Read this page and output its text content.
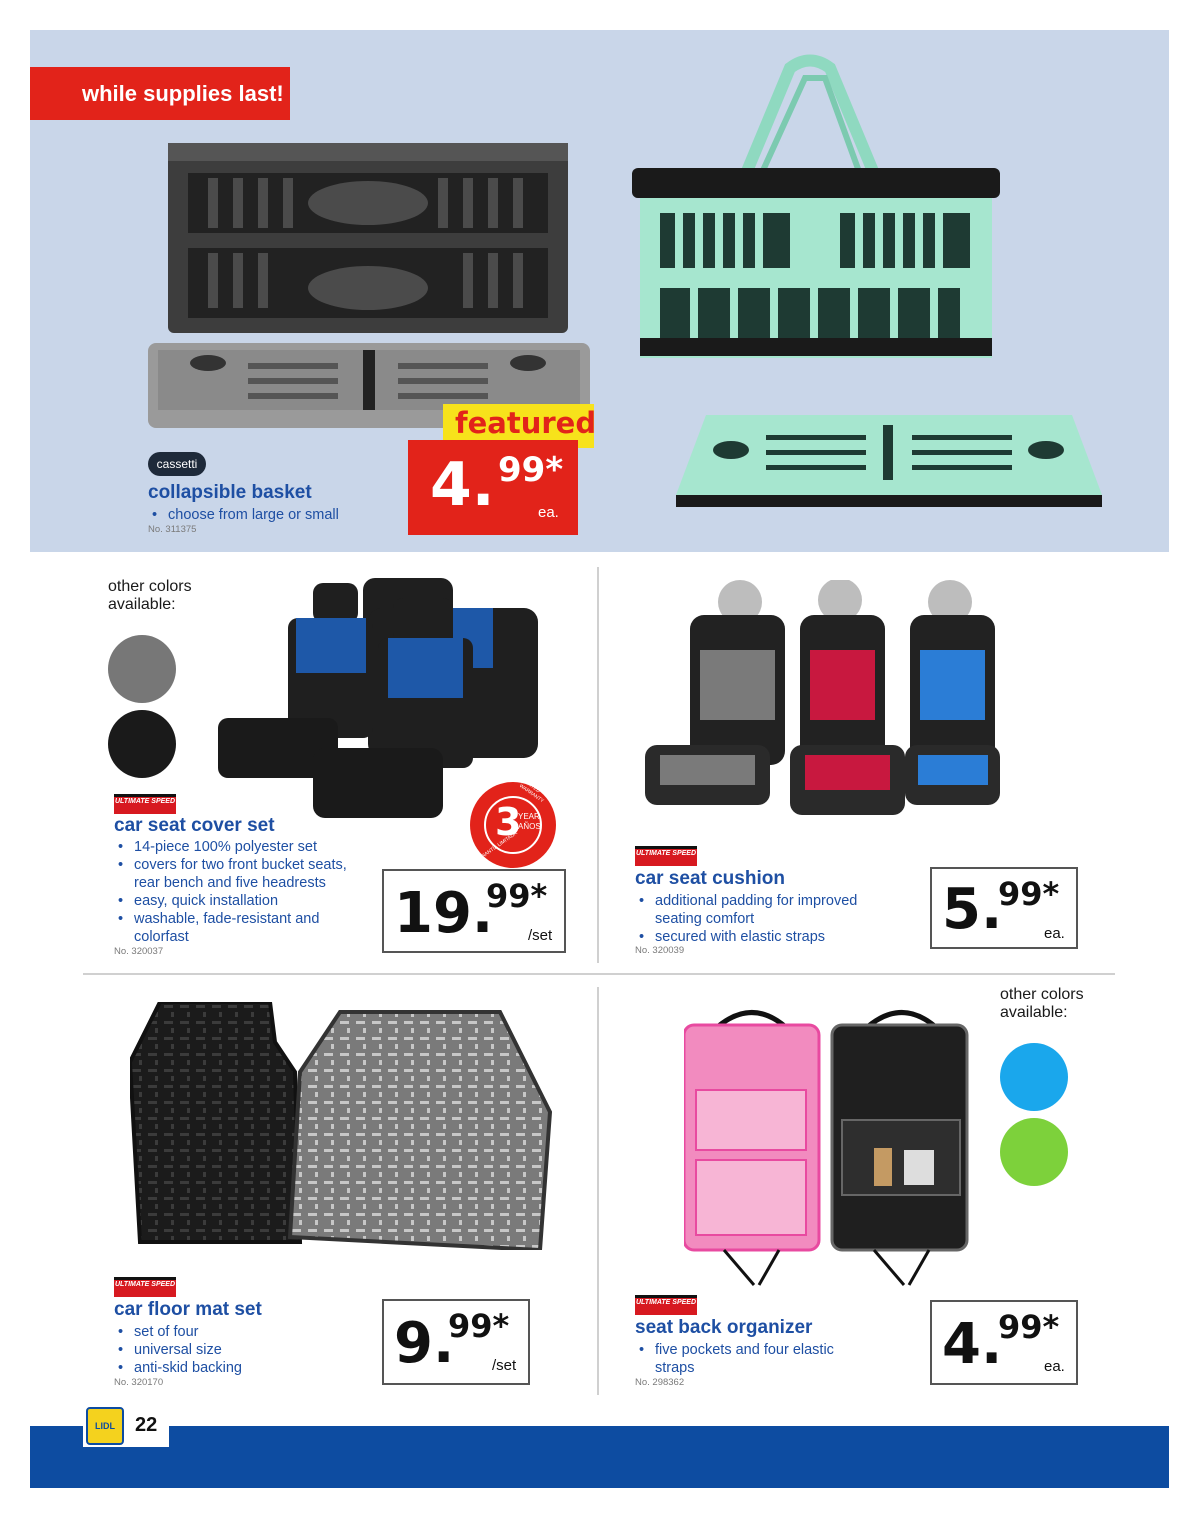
while supplies last!
cassetti
collapsible basket
• choose from large or small
No. 311375
featured
4. 99*
ea.
other colors
available:
3
YEAR AÑOS
LIMITED WARRANTY
GARANTÍA LIMITADA
ULTIMATE SPEED
car seat cover set
• 14-piece 100% polyester set
• covers for two front bucket seats, rear bench and five headrests
• easy, quick installation
• washable, fade-resistant and colorfast
No. 320037
19.
99*
/set
ULTIMATE SPEED
car seat cushion
• additional padding for improved seating comfort
• secured with elastic straps
No. 320039
5.
99*
ea.
ULTIMATE SPEED
car floor mat set
• set of four
• universal size
• anti-skid backing
No. 320170
9.
99*
/set
other colors
available:
ULTIMATE SPEED
seat back organizer
• five pockets and four elastic straps
No. 298362
4.
99*
ea.
LIDL	22
